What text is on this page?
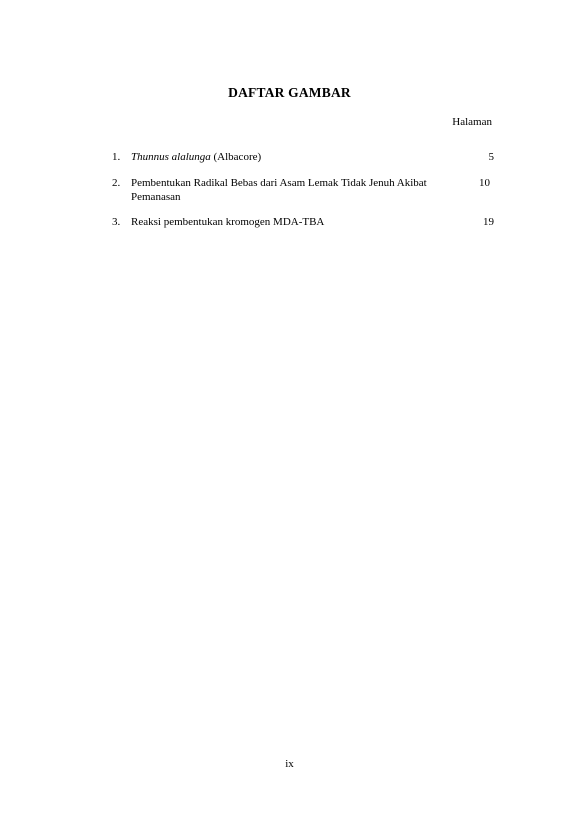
DAFTAR GAMBAR
Halaman
1. Thunnus alalunga (Albacore)	5
2. Pembentukan Radikal Bebas dari Asam Lemak Tidak Jenuh Akibat Pemanasan
10
3. Reaksi pembentukan kromogen MDA-TBA	19
ix
